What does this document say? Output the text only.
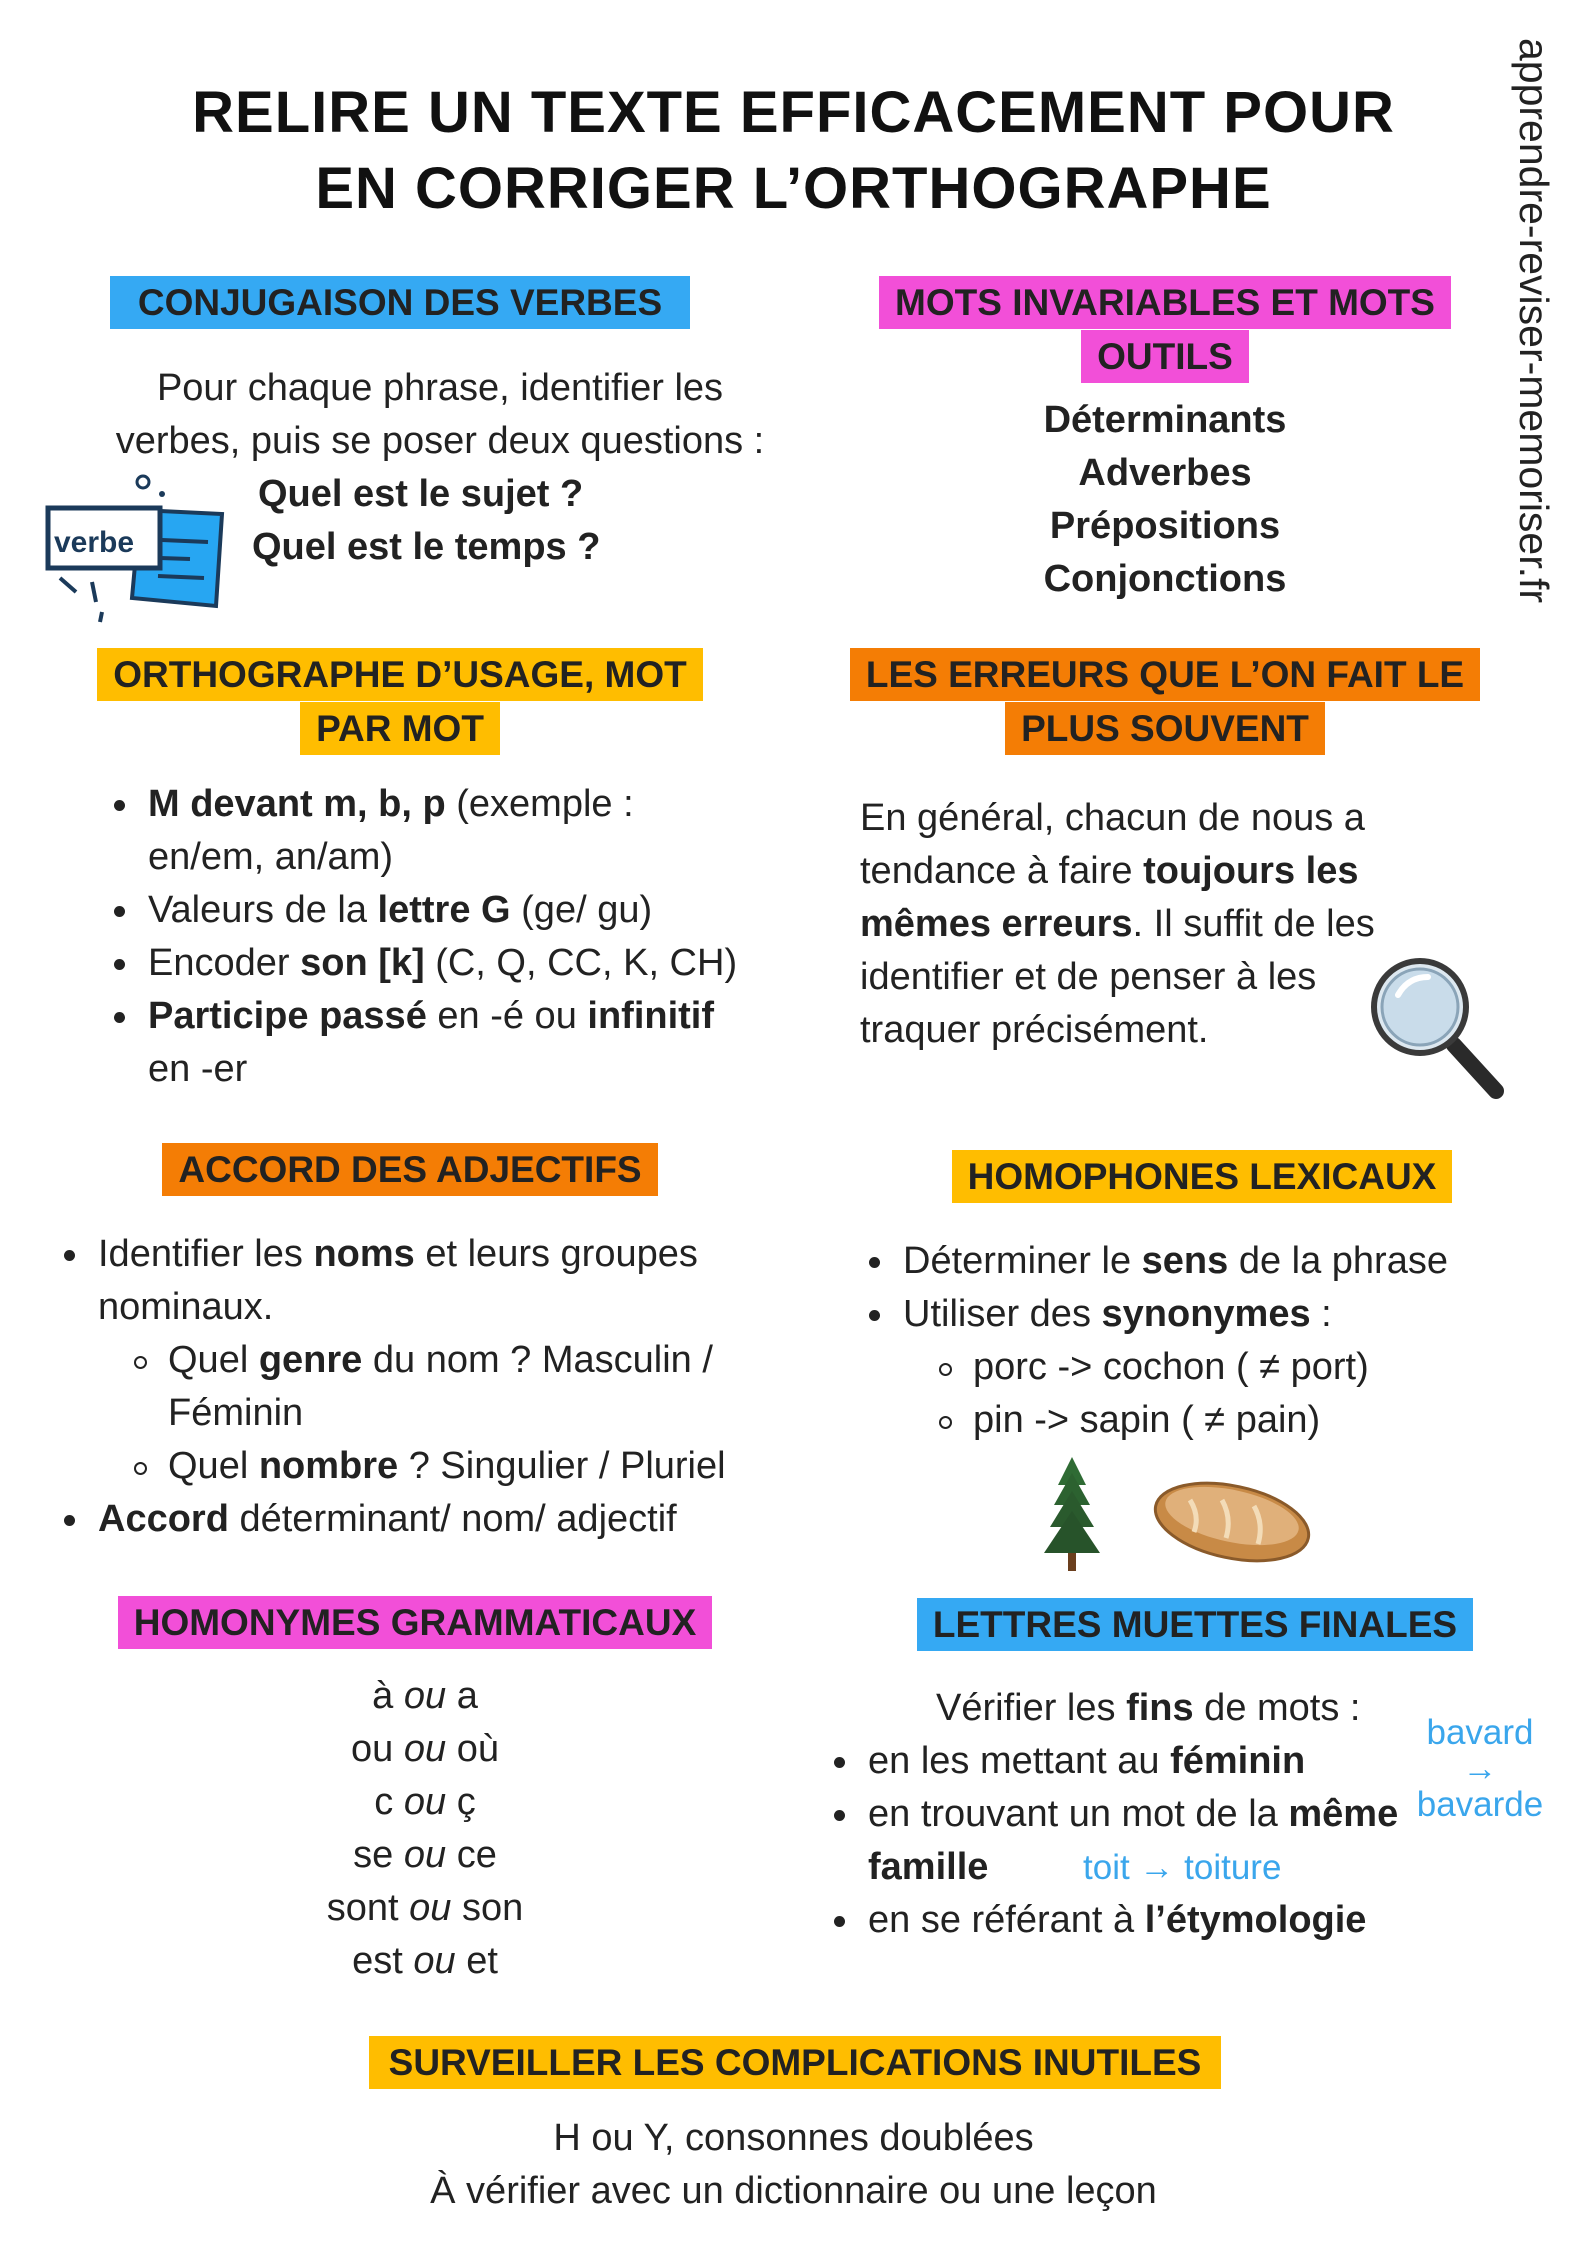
RELIRE UN TEXTE EFFICACEMENT POUR
EN CORRIGER L’ORTHOGRAPHE	apprendre-reviser-memoriser.fr
CONJUGAISON DES VERBES
Pour chaque phrase, identifier les
verbes, puis se poser deux questions :
Quel est le sujet ?
Quel est le temps ?
verbe
MOTS INVARIABLES ET MOTS
OUTILS
Déterminants
Adverbes
Prépositions
Conjonctions
ORTHOGRAPHE D’USAGE, MOT
PAR MOT
M devant m, b, p (exemple :
en/em, an/am)
Valeurs de la lettre G (ge/ gu)
Encoder son [k] (C, Q, CC, K, CH)
Participe passé en -é ou infinitif
en -er
LES ERREURS QUE L’ON FAIT LE
PLUS SOUVENT
En général, chacun de nous a
tendance à faire toujours les
mêmes erreurs. Il suffit de les
identifier et de penser à les
traquer précisément.
ACCORD DES ADJECTIFS
Identifier les noms et leurs groupes
nominaux.
Quel genre du nom ? Masculin /
Féminin
Quel nombre ? Singulier / Pluriel
Accord déterminant/ nom/ adjectif
HOMOPHONES LEXICAUX
Déterminer le sens de la phrase
Utiliser des synonymes :
porc -> cochon ( ≠ port)
pin -> sapin ( ≠ pain)
HOMONYMES GRAMMATICAUX
à ou a
ou ou où
c ou ç
se ou ce
sont ou son
est ou et
LETTRES MUETTES FINALES
Vérifier les fins de mots :
en les mettant au féminin
en trouvant un mot de la même
famille
en se référant à l’étymologie
bavard
→ bavarde
toit → toiture
SURVEILLER LES COMPLICATIONS INUTILES
H ou Y, consonnes doublées
À vérifier avec un dictionnaire ou une leçon
